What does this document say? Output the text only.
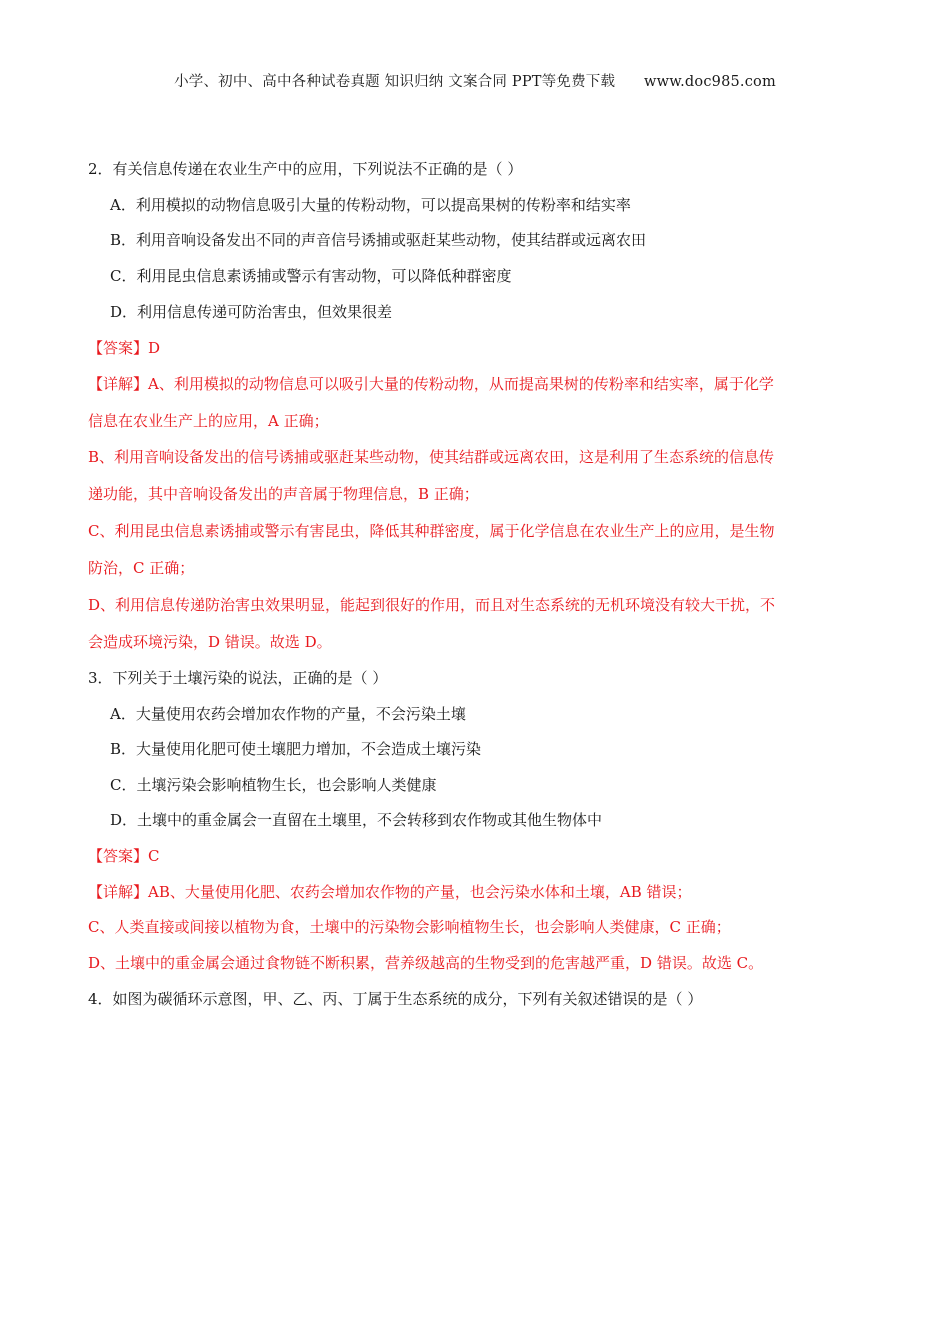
小学、初中、高中各种试卷真题 知识归纳 文案合同 PPT等免费下载 www.doc985.com
2．有关信息传递在农业生产中的应用，下列说法不正确的是（ ）
A．利用模拟的动物信息吸引大量的传粉动物，可以提高果树的传粉率和结实率
B．利用音响设备发出不同的声音信号诱捕或驱赶某些动物，使其结群或远离农田
C．利用昆虫信息素诱捕或警示有害动物，可以降低种群密度
D．利用信息传递可防治害虫，但效果很差
【答案】D
【详解】A、利用模拟的动物信息可以吸引大量的传粉动物，从而提高果树的传粉率和结实率，属于化学
信息在农业生产上的应用，A 正确；
B、利用音响设备发出的信号诱捕或驱赶某些动物，使其结群或远离农田，这是利用了生态系统的信息传
递功能，其中音响设备发出的声音属于物理信息，B 正确；
C、利用昆虫信息素诱捕或警示有害昆虫，降低其种群密度，属于化学信息在农业生产上的应用，是生物
防治，C 正确；
D、利用信息传递防治害虫效果明显，能起到很好的作用，而且对生态系统的无机环境没有较大干扰，不
会造成环境污染，D 错误。故选 D。
3．下列关于土壤污染的说法，正确的是（ ）
A．大量使用农药会增加农作物的产量，不会污染土壤
B．大量使用化肥可使土壤肥力增加，不会造成土壤污染
C．土壤污染会影响植物生长，也会影响人类健康
D．土壤中的重金属会一直留在土壤里，不会转移到农作物或其他生物体中
【答案】C
【详解】AB、大量使用化肥、农药会增加农作物的产量，也会污染水体和土壤，AB 错误；
C、人类直接或间接以植物为食，土壤中的污染物会影响植物生长，也会影响人类健康，C 正确；
D、土壤中的重金属会通过食物链不断积累，营养级越高的生物受到的危害越严重，D 错误。故选 C。
4．如图为碳循环示意图，甲、乙、丙、丁属于生态系统的成分，下列有关叙述错误的是（ ）
